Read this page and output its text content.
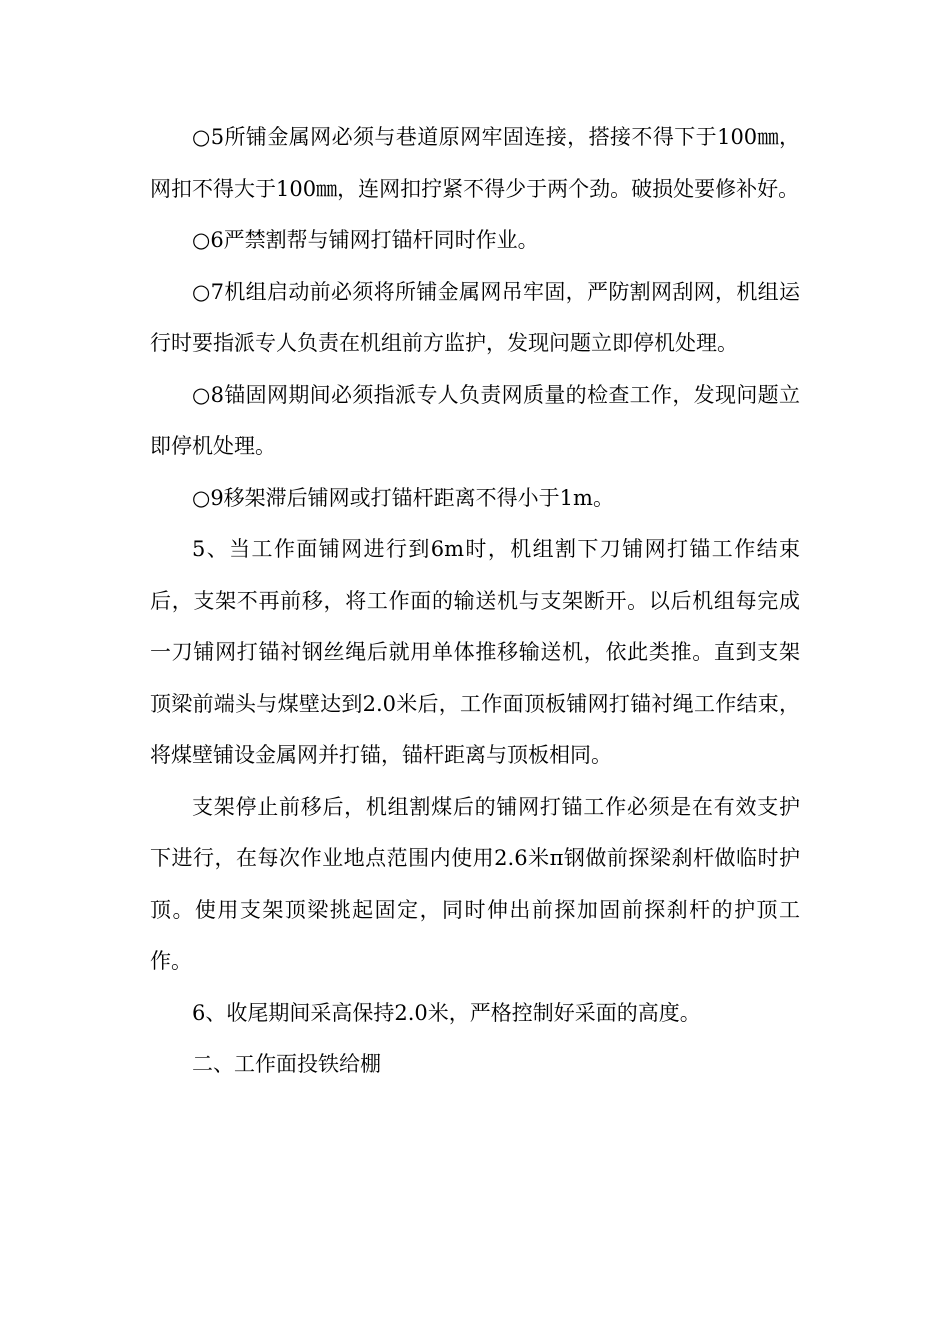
○5所铺金属网必须与巷道原网牢固连接，搭接不得下于100㎜，网扣不得大于100㎜，连网扣拧紧不得少于两个劲。破损处要修补好。

○6严禁割帮与铺网打锚杆同时作业。

○7机组启动前必须将所铺金属网吊牢固，严防割网刮网，机组运行时要指派专人负责在机组前方监护，发现问题立即停机处理。

○8锚固网期间必须指派专人负责网质量的检查工作，发现问题立即停机处理。

○9移架滞后铺网或打锚杆距离不得小于1m。

5、当工作面铺网进行到6m时，机组割下刀铺网打锚工作结束后，支架不再前移，将工作面的输送机与支架断开。以后机组每完成一刀铺网打锚衬钢丝绳后就用单体推移输送机，依此类推。直到支架顶梁前端头与煤壁达到2.0米后，工作面顶板铺网打锚衬绳工作结束，将煤壁铺设金属网并打锚，锚杆距离与顶板相同。

支架停止前移后，机组割煤后的铺网打锚工作必须是在有效支护下进行，在每次作业地点范围内使用2.6米π钢做前探梁刹杆做临时护顶。使用支架顶梁挑起固定，同时伸出前探加固前探刹杆的护顶工作。

6、收尾期间采高保持2.0米，严格控制好采面的高度。

二、工作面投铁给棚
